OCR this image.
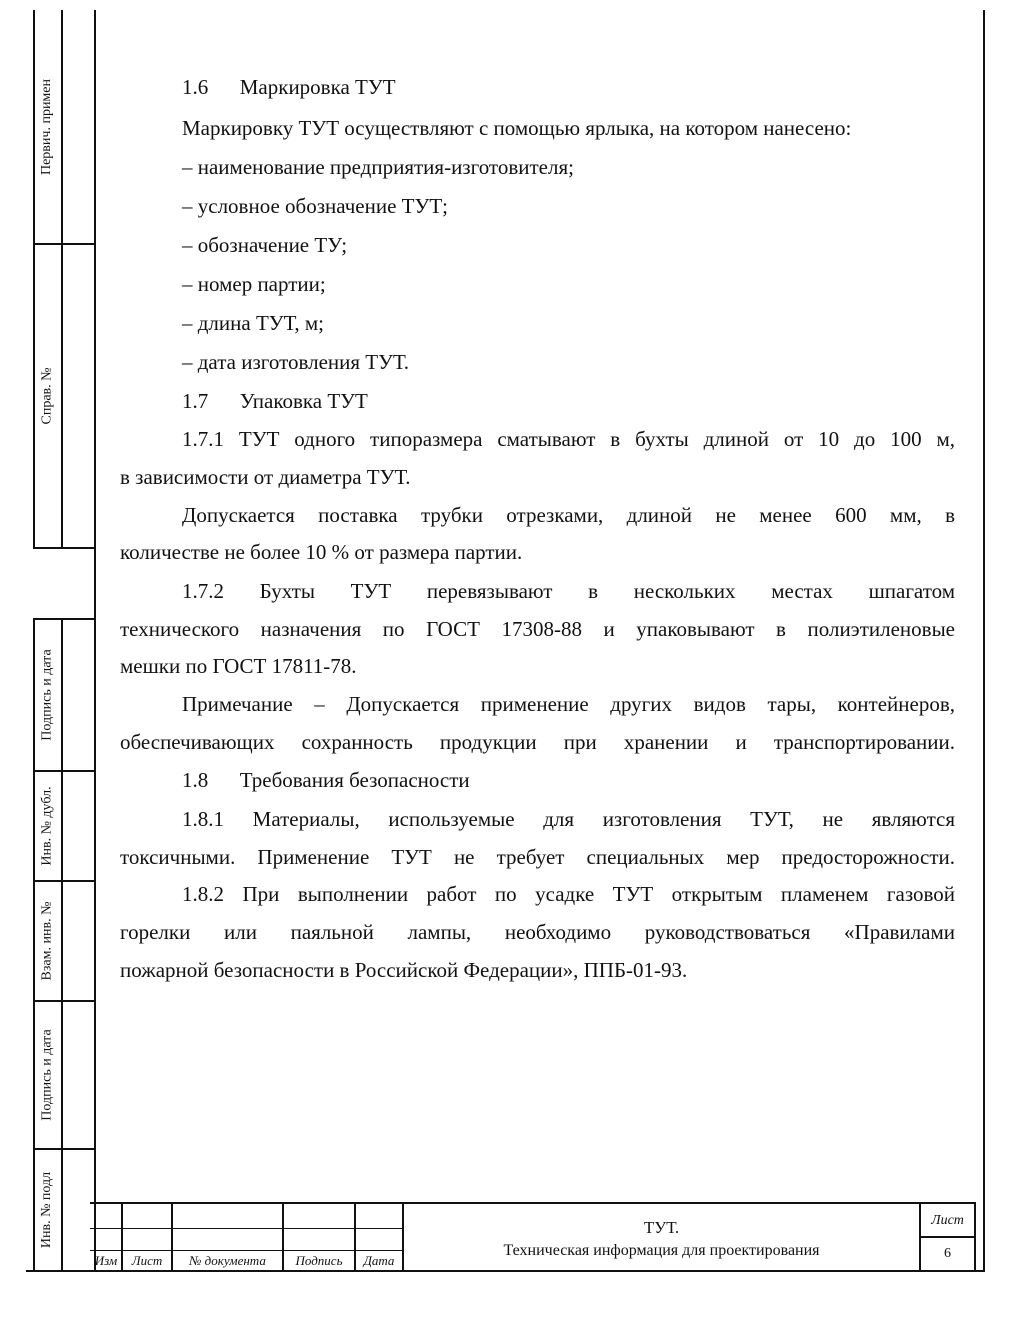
Первич. примен
Справ. №
Подпись и дата
Инв. № дубл.
Взам. инв. №
Подпись и дата
Инв. № подл
1.6  Маркировка ТУТ
Маркировку ТУТ осуществляют с помощью ярлыка, на котором нанесено:
– наименование предприятия-изготовителя;
– условное обозначение ТУТ;
– обозначение ТУ;
– номер партии;
– длина ТУТ, м;
– дата изготовления ТУТ.
1.7  Упаковка ТУТ
1.7.1 ТУТ одного типоразмера сматывают в бухты длиной от 10 до 100 м,
в зависимости от диаметра ТУТ.
Допускается поставка трубки отрезками, длиной не менее 600 мм, в
количестве не более 10 % от размера партии.
1.7.2 Бухты ТУТ перевязывают в нескольких местах шпагатом
технического назначения по ГОСТ 17308-88 и упаковывают в полиэтиленовые
мешки по ГОСТ 17811-78.
Примечание – Допускается применение других видов тары, контейнеров,
обеспечивающих сохранность продукции при хранении и транспортировании.
1.8  Требования безопасности
1.8.1 Материалы, используемые для изготовления ТУТ, не являются
токсичными. Применение ТУТ не требует специальных мер предосторожности.
1.8.2 При выполнении работ по усадке ТУТ открытым пламенем газовой
горелки или паяльной лампы, необходимо руководствоваться «Правилами
пожарной безопасности в Российской Федерации», ППБ-01-93.
Изм	Лист	№ документа	Подпись	Дата
ТУТ.
Техническая информация для проектирования
Лист
6
